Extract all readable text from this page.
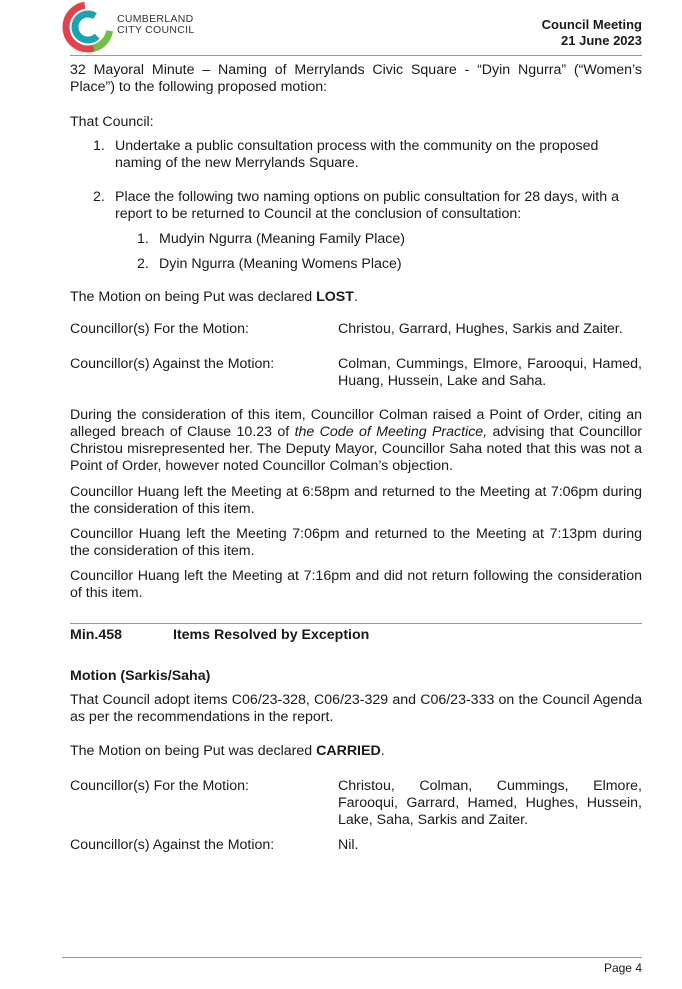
CUMBERLAND
CITY COUNCIL	Council Meeting
21 June 2023
32 Mayoral Minute – Naming of Merrylands Civic Square - “Dyin Ngurra” (“Women’s Place”) to the following proposed motion:
That Council:
1. Undertake a public consultation process with the community on the proposed naming of the new Merrylands Square.
2. Place the following two naming options on public consultation for 28 days, with a report to be returned to Council at the conclusion of consultation:
1. Mudyin Ngurra (Meaning Family Place)
2. Dyin Ngurra (Meaning Womens Place)
The Motion on being Put was declared LOST.
Councillor(s) For the Motion:	Christou, Garrard, Hughes, Sarkis and Zaiter.
Councillor(s) Against the Motion:	Colman, Cummings, Elmore, Farooqui, Hamed, Huang, Hussein, Lake and Saha.
During the consideration of this item, Councillor Colman raised a Point of Order, citing an alleged breach of Clause 10.23 of the Code of Meeting Practice, advising that Councillor Christou misrepresented her. The Deputy Mayor, Councillor Saha noted that this was not a Point of Order, however noted Councillor Colman’s objection.
Councillor Huang left the Meeting at 6:58pm and returned to the Meeting at 7:06pm during the consideration of this item.
Councillor Huang left the Meeting 7:06pm and returned to the Meeting at 7:13pm during the consideration of this item.
Councillor Huang left the Meeting at 7:16pm and did not return following the consideration of this item.
Min.458	Items Resolved by Exception
Motion (Sarkis/Saha)
That Council adopt items C06/23-328, C06/23-329 and C06/23-333 on the Council Agenda as per the recommendations in the report.
The Motion on being Put was declared CARRIED.
Councillor(s) For the Motion:	Christou, Colman, Cummings, Elmore, Farooqui, Garrard, Hamed, Hughes, Hussein, Lake, Saha, Sarkis and Zaiter.
Councillor(s) Against the Motion:	Nil.
Page 4
